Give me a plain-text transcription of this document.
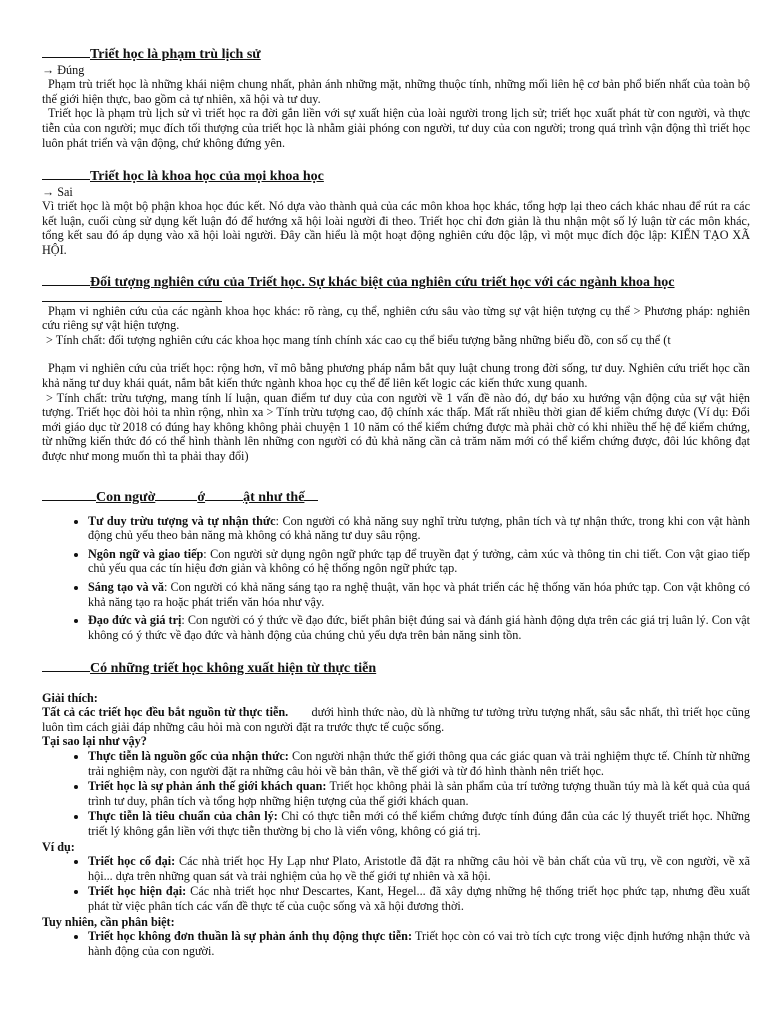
Triết học là phạm trù lịch sử
→ Đúng

Phạm trù triết học là những khái niệm chung nhất, phản ánh những mặt, những thuộc tính, những mối liên hệ cơ bản phổ biến nhất của toàn bộ thế giới hiện thực, bao gồm cả tự nhiên, xã hội và tư duy.

Triết học là phạm trù lịch sử vì triết học ra đời gắn liền với sự xuất hiện của loài người trong lịch sử; triết học xuất phát từ con người, và thực tiễn của con người; mục đích tối thượng của triết học là nhằm giải phóng con người, tư duy của con người; trong quá trình vận động thì triết học luôn phát triển và vận động, chứ không đứng yên.

Triết học là khoa học của mọi khoa học
→ Sai

Vì triết học là một bộ phận khoa học đúc kết. Nó dựa vào thành quả của các môn khoa học khác, tổng hợp lại theo cách khác nhau để rút ra các kết luận, cuối cùng sử dụng kết luận đó để hướng xã hội loài người đi theo. Triết học chỉ đơn giản là thu nhận một số lý luận từ các môn khác, tổng kết sau đó áp dụng vào xã hội loài người. Đây cần hiểu là một hoạt động nghiên cứu độc lập, vì một mục đích độc lập: KIẾN TẠO XÃ HỘI.

Đối tượng nghiên cứu của Triết học. Sự khác biệt của nghiên cứu triết học với các ngành khoa học

Phạm vi nghiên cứu của các ngành khoa học khác: rõ ràng, cụ thể, nghiên cứu sâu vào từng sự vật hiện tượng cụ thể > Phương pháp: nghiên cứu riêng sự vật hiện tượng.

> Tính chất: đối tượng nghiên cứu các khoa học mang tính chính xác cao cụ thể biểu tượng bằng những biểu đồ, con số cụ thể (t

Phạm vi nghiên cứu của triết học: rộng hơn, vĩ mô bằng phương pháp nắm bắt quy luật chung trong đời sống, tư duy. Nghiên cứu triết học cần khả năng tư duy khái quát, nắm bắt kiến thức ngành khoa học cụ thể để liên kết logic các kiến thức xung quanh.

> Tính chất: trừu tượng, mang tính lí luận, quan điểm tư duy của con người về 1 vấn đề nào đó, dự báo xu hướng vận động của sự vật hiện tượng. Triết học đòi hỏi ta nhìn rộng, nhìn xa > Tính trừu tượng cao, độ chính xác thấp. Mất rất nhiều thời gian để kiểm chứng được (Ví dụ: Đổi mới giáo dục từ 2018 có đúng hay không không phải chuyện 1 10 năm có thể kiểm chứng được mà phải chờ có khi nhiều thế hệ để kiểm chứng, từ những kiến thức đó có thể hình thành lên những con người có đủ khả năng cần cả trăm năm mới có thể kiểm chứng được, đôi lúc không đạt được như mong muốn thì ta phải thay đổi)

Con ngườ	ớ	ật như thế
• Tư duy trừu tượng và tự nhận thức: Con người có khả năng suy nghĩ trừu tượng, phân tích và tự nhận thức, trong khi con vật hành động chủ yếu theo bản năng mà không có khả năng tư duy sâu rộng.
• Ngôn ngữ và giao tiếp: Con người sử dụng ngôn ngữ phức tạp để truyền đạt ý tưởng, cảm xúc và thông tin chi tiết. Con vật giao tiếp chủ yếu qua các tín hiệu đơn giản và không có hệ thống ngôn ngữ phức tạp.
• Sáng tạo và vă: Con người có khả năng sáng tạo ra nghệ thuật, văn học và phát triển các hệ thống văn hóa phức tạp. Con vật không có khả năng tạo ra hoặc phát triển văn hóa như vậy.
• Đạo đức và giá trị: Con người có ý thức về đạo đức, biết phân biệt đúng sai và đánh giá hành động dựa trên các giá trị luân lý. Con vật không có ý thức về đạo đức và hành động của chúng chủ yếu dựa trên bản năng sinh tồn.
Có những triết học không xuất hiện từ thực tiễn
Giải thích:

Tất cả các triết học đều bắt nguồn từ thực tiễn. dưới hình thức nào, dù là những tư tưởng trừu tượng nhất, sâu sắc nhất, thì triết học cũng luôn tìm cách giải đáp những câu hỏi mà con người đặt ra trước thực tế cuộc sống.

Tại sao lại như vậy?
• Thực tiễn là nguồn gốc của nhận thức: Con người nhận thức thế giới thông qua các giác quan và trải nghiệm thực tế. Chính từ những trải nghiệm này, con người đặt ra những câu hỏi về bản thân, về thế giới và từ đó hình thành nên triết học.
• Triết học là sự phản ánh thế giới khách quan: Triết học không phải là sản phẩm của trí tưởng tượng thuần túy mà là kết quả của quá trình tư duy, phân tích và tổng hợp những hiện tượng của thế giới khách quan.
• Thực tiễn là tiêu chuẩn của chân lý: Chỉ có thực tiễn mới có thể kiểm chứng được tính đúng đắn của các lý thuyết triết học. Những triết lý không gắn liền với thực tiễn thường bị cho là viển vông, không có giá trị.
Ví dụ:
• Triết học cổ đại: Các nhà triết học Hy Lạp như Plato, Aristotle đã đặt ra những câu hỏi về bản chất của vũ trụ, về con người, về xã hội... dựa trên những quan sát và trải nghiệm của họ về thế giới tự nhiên và xã hội.
• Triết học hiện đại: Các nhà triết học như Descartes, Kant, Hegel... đã xây dựng những hệ thống triết học phức tạp, nhưng đều xuất phát từ việc phân tích các vấn đề thực tế của cuộc sống và xã hội đương thời.
Tuy nhiên, cần phân biệt:
• Triết học không đơn thuần là sự phản ánh thụ động thực tiễn: Triết học còn có vai trò tích cực trong việc định hướng nhận thức và hành động của con người.
